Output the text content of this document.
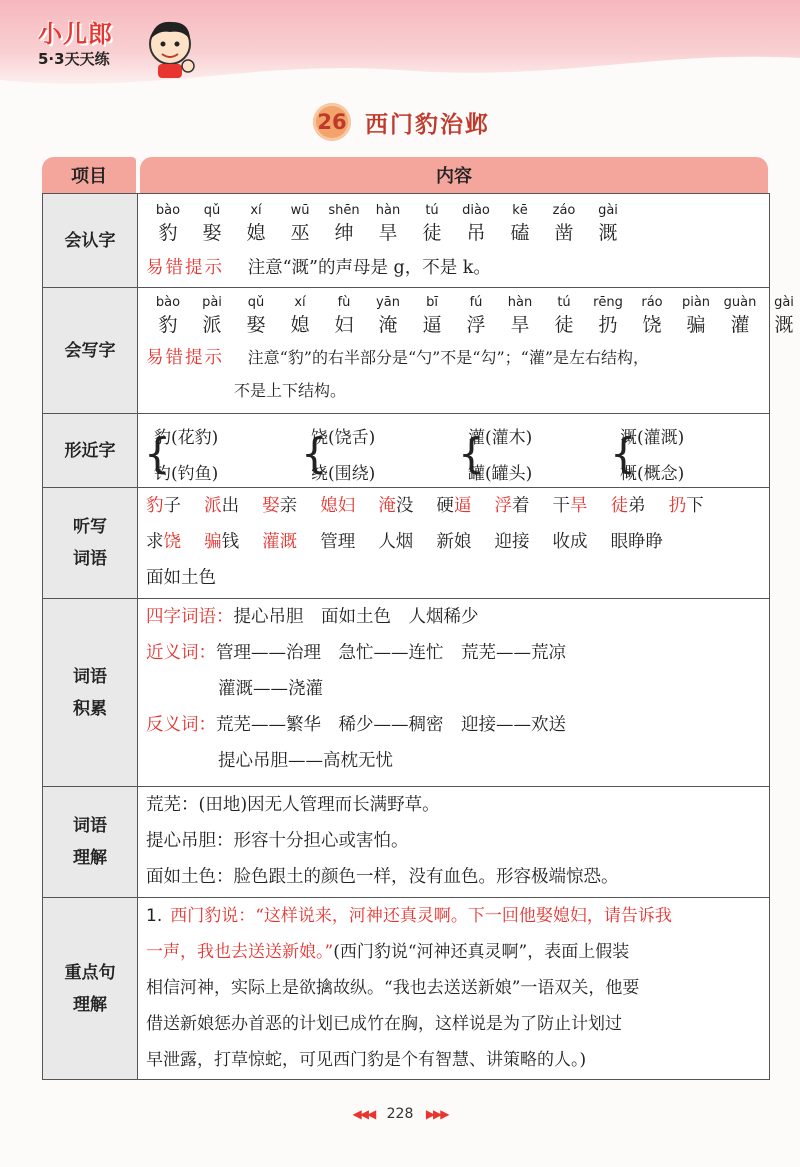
小儿郎
5·3天天练
26 西门豹治邺
项目	内容
会认字
bào	qǔ	xí	wū	shēn	hàn	tú	diào	kē	záo	gài
豹	娶	媳	巫	绅	旱	徒	吊	磕	凿	溉
易错提示 注意“溉”的声母是 g，不是 k。
会写字
bào	pài	qǔ	xí	fù	yān	bī	fú	hàn	tú	rēng	ráo	piàn	guàn	gài
豹	派	娶	媳	妇	淹	逼	浮	旱	徒	扔	饶	骗	灌	溉
易错提示 注意“豹”的右半部分是“勺”不是“勾”；“灌”是左右结构，
不是上下结构。
形近字 {
豹(花豹)
钓(钓鱼) {
饶(饶舌)
绕(围绕) {
灌(灌木)
罐(罐头) {
溉(灌溉)
概(概念)
听写
词语
豹子　 派出　 娶亲　 媳妇　 淹没　 硬逼　 浮着　 干旱　 徒弟　 扔下
求饶　 骗钱　 灌溉　 管理　 人烟　 新娘　 迎接　 收成　 眼睁睁
面如土色
词语
积累
四字词语：提心吊胆　面如土色　人烟稀少
近义词：管理——治理　急忙——连忙　荒芜——荒凉
灌溉——浇灌
反义词：荒芜——繁华　稀少——稠密　迎接——欢送
提心吊胆——高枕无忧
词语
理解
荒芜：(田地)因无人管理而长满野草。
提心吊胆：形容十分担心或害怕。
面如土色：脸色跟土的颜色一样，没有血色。形容极端惊恐。
重点句
理解
1. 西门豹说：“这样说来，河神还真灵啊。下一回他娶媳妇，请告诉我
一声，我也去送送新娘。”(西门豹说“河神还真灵啊”，表面上假装
相信河神，实际上是欲擒故纵。“我也去送送新娘”一语双关，他要
借送新娘惩办首恶的计划已成竹在胸，这样说是为了防止计划过
早泄露，打草惊蛇，可见西门豹是个有智慧、讲策略的人。)
◀◀◀ 228 ▶▶▶
